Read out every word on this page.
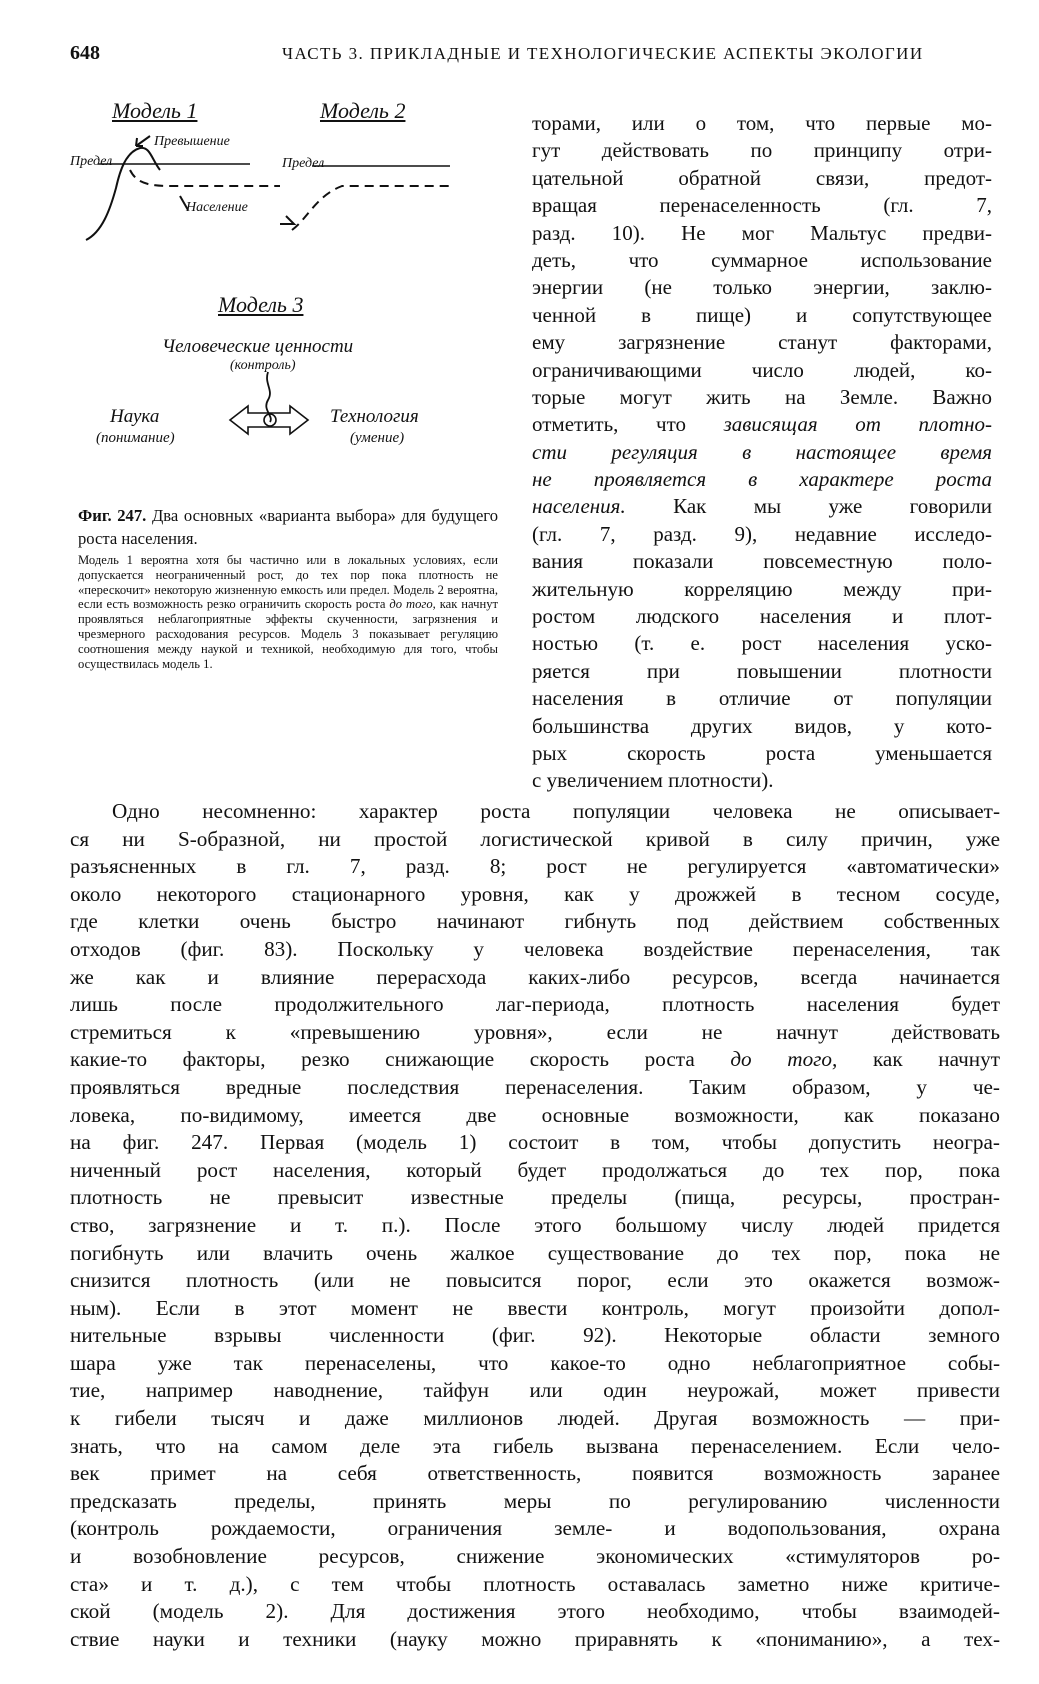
648	ЧАСТЬ 3. ПРИКЛАДНЫЕ И ТЕХНОЛОГИЧЕСКИЕ АСПЕКТЫ ЭКОЛОГИИ
Модель 1	Модель 2
Превышение
Предел
Население
Предел
Модель 3
Человеческие ценности
(контроль)
Наука
(понимание)
Технология
(умение)
Фиг. 247. Два основных «варианта выбора» для будущего роста населения.
Модель 1 вероятна хотя бы частично или в локальных условиях, если допускается неограниченный рост, до тех пор пока плотность не «перескочит» некоторую жизненную емкость или предел. Модель 2 вероятна, если есть возможность резко ограничить скорость роста до того, как начнут проявляться неблагоприятные эффекты скученности, загрязнения и чрезмерного расходования ресурсов. Модель 3 показывает регуляцию соотношения между наукой и техникой, необходимую для того, чтобы осуществилась модель 1.
торами, или о том, что первые мо-
гут действовать по принципу отри-
цательной обратной связи, предот-
вращая перенаселенность (гл. 7,
разд. 10). Не мог Мальтус предви-
деть, что суммарное использование
энергии (не только энергии, заклю-
ченной в пище) и сопутствующее
ему загрязнение станут факторами,
ограничивающими число людей, ко-
торые могут жить на Земле. Важно
отметить, что зависящая от плотно-
сти регуляция в настоящее время
не проявляется в характере роста
населения. Как мы уже говорили
(гл. 7, разд. 9), недавние исследо-
вания показали повсеместную поло-
жительную корреляцию между при-
ростом людского населения и плот-
ностью (т. е. рост населения уско-
ряется при повышении плотности
населения в отличие от популяции
большинства других видов, у кото-
рых скорость роста уменьшается
с увеличением плотности).
Одно несомненно: характер роста популяции человека не описывает-
ся ни S-образной, ни простой логистической кривой в силу причин, уже
разъясненных в гл. 7, разд. 8; рост не регулируется «автоматически»
около некоторого стационарного уровня, как у дрожжей в тесном сосуде,
где клетки очень быстро начинают гибнуть под действием собственных
отходов (фиг. 83). Поскольку у человека воздействие перенаселения, так
же как и влияние перерасхода каких-либо ресурсов, всегда начинается
лишь после продолжительного лаг-периода, плотность населения будет
стремиться к «превышению уровня», если не начнут действовать
какие-то факторы, резко снижающие скорость роста до того, как начнут
проявляться вредные последствия перенаселения. Таким образом, у че-
ловека, по-видимому, имеется две основные возможности, как показано
на фиг. 247. Первая (модель 1) состоит в том, чтобы допустить неогра-
ниченный рост населения, который будет продолжаться до тех пор, пока
плотность не превысит известные пределы (пища, ресурсы, простран-
ство, загрязнение и т. п.). После этого большому числу людей придется
погибнуть или влачить очень жалкое существование до тех пор, пока не
снизится плотность (или не повысится порог, если это окажется возмож-
ным). Если в этот момент не ввести контроль, могут произойти допол-
нительные взрывы численности (фиг. 92). Некоторые области земного
шара уже так перенаселены, что какое-то одно неблагоприятное собы-
тие, например наводнение, тайфун или один неурожай, может привести
к гибели тысяч и даже миллионов людей. Другая возможность — при-
знать, что на самом деле эта гибель вызвана перенаселением. Если чело-
век примет на себя ответственность, появится возможность заранее
предсказать пределы, принять меры по регулированию численности
(контроль рождаемости, ограничения земле- и водопользования, охрана
и возобновление ресурсов, снижение экономических «стимуляторов ро-
ста» и т. д.), с тем чтобы плотность оставалась заметно ниже критиче-
ской (модель 2). Для достижения этого необходимо, чтобы взаимодей-
ствие науки и техники (науку можно приравнять к «пониманию», а тех-
